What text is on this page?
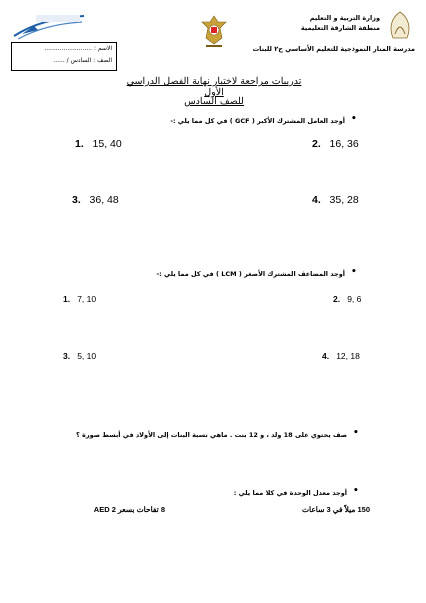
وزارة التربية و التعليم
منطقة الشارقة التعليمية
مدرسة المنار النموذجية للتعليم الأساسي ح٢ للبنات
الاسم : .........................
الصف : السادس / ......
تدريبات مراجعة لاختبار نهاية الفصل الدراسي الأول
للصف السادس
•
أوجد العامل المشترك الأكبر ( GCF ) في كل مما يلي :-
1. 15, 40	2. 16, 36
3. 36, 48	4. 35, 28
•
أوجد المضاعف المشترك الأصغر ( LCM ) في كل مما يلي :-
1. 7, 10	2. 9, 6
3. 5, 10	4. 12, 18
•
صف يحتوي على 18 ولد ، و 12 بنت . ماهي نسبة البنات إلى الأولاد في أبسط صورة ؟
•
أوجد معدل الوحدة في كلا مما يلي :
150 ميلاً في 3 ساعات
8 تفاحات بسعر 2 AED
